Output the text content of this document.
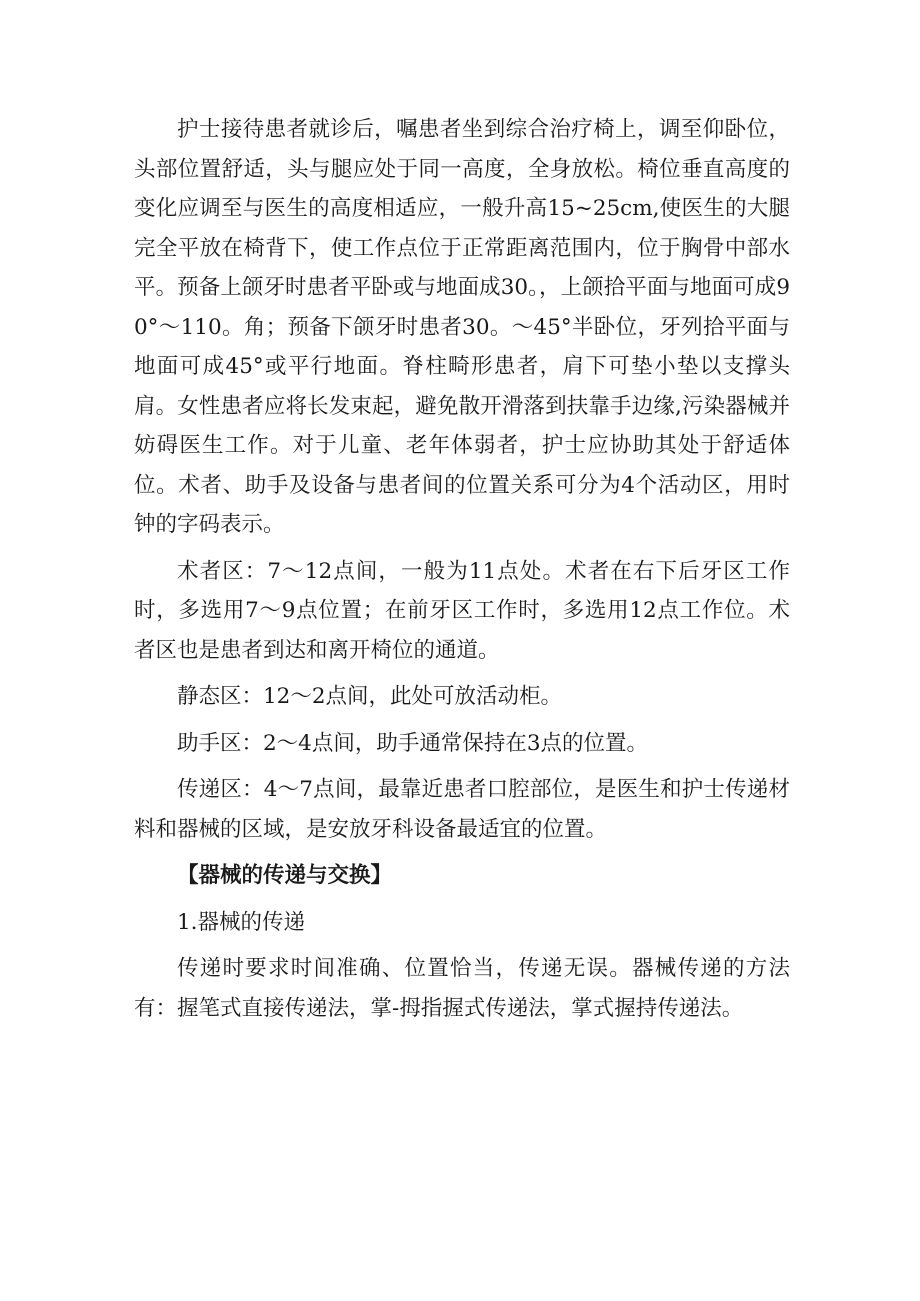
护士接待患者就诊后，嘱患者坐到综合治疗椅上，调至仰卧位，头部位置舒适，头与腿应处于同一高度，全身放松。椅位垂直高度的变化应调至与医生的高度相适应，一般升高15~25cm,使医生的大腿完全平放在椅背下，使工作点位于正常距离范围内，位于胸骨中部水平。预备上颌牙时患者平卧或与地面成30。，上颌拾平面与地面可成90°～110。角；预备下颌牙时患者30。～45°半卧位，牙列拾平面与地面可成45°或平行地面。脊柱畸形患者，肩下可垫小垫以支撑头肩。女性患者应将长发束起，避免散开滑落到扶靠手边缘,污染器械并妨碍医生工作。对于儿童、老年体弱者，护士应协助其处于舒适体位。术者、助手及设备与患者间的位置关系可分为4个活动区，用时钟的字码表示。

术者区：7～12点间，一般为11点处。术者在右下后牙区工作时，多选用7～9点位置；在前牙区工作时，多选用12点工作位。术者区也是患者到达和离开椅位的通道。

静态区：12～2点间，此处可放活动柜。

助手区：2～4点间，助手通常保持在3点的位置。

传递区：4～7点间，最靠近患者口腔部位，是医生和护士传递材料和器械的区域，是安放牙科设备最适宜的位置。

【器械的传递与交换】

1.器械的传递

传递时要求时间准确、位置恰当，传递无误。器械传递的方法有：握笔式直接传递法，掌-拇指握式传递法，掌式握持传递法。
